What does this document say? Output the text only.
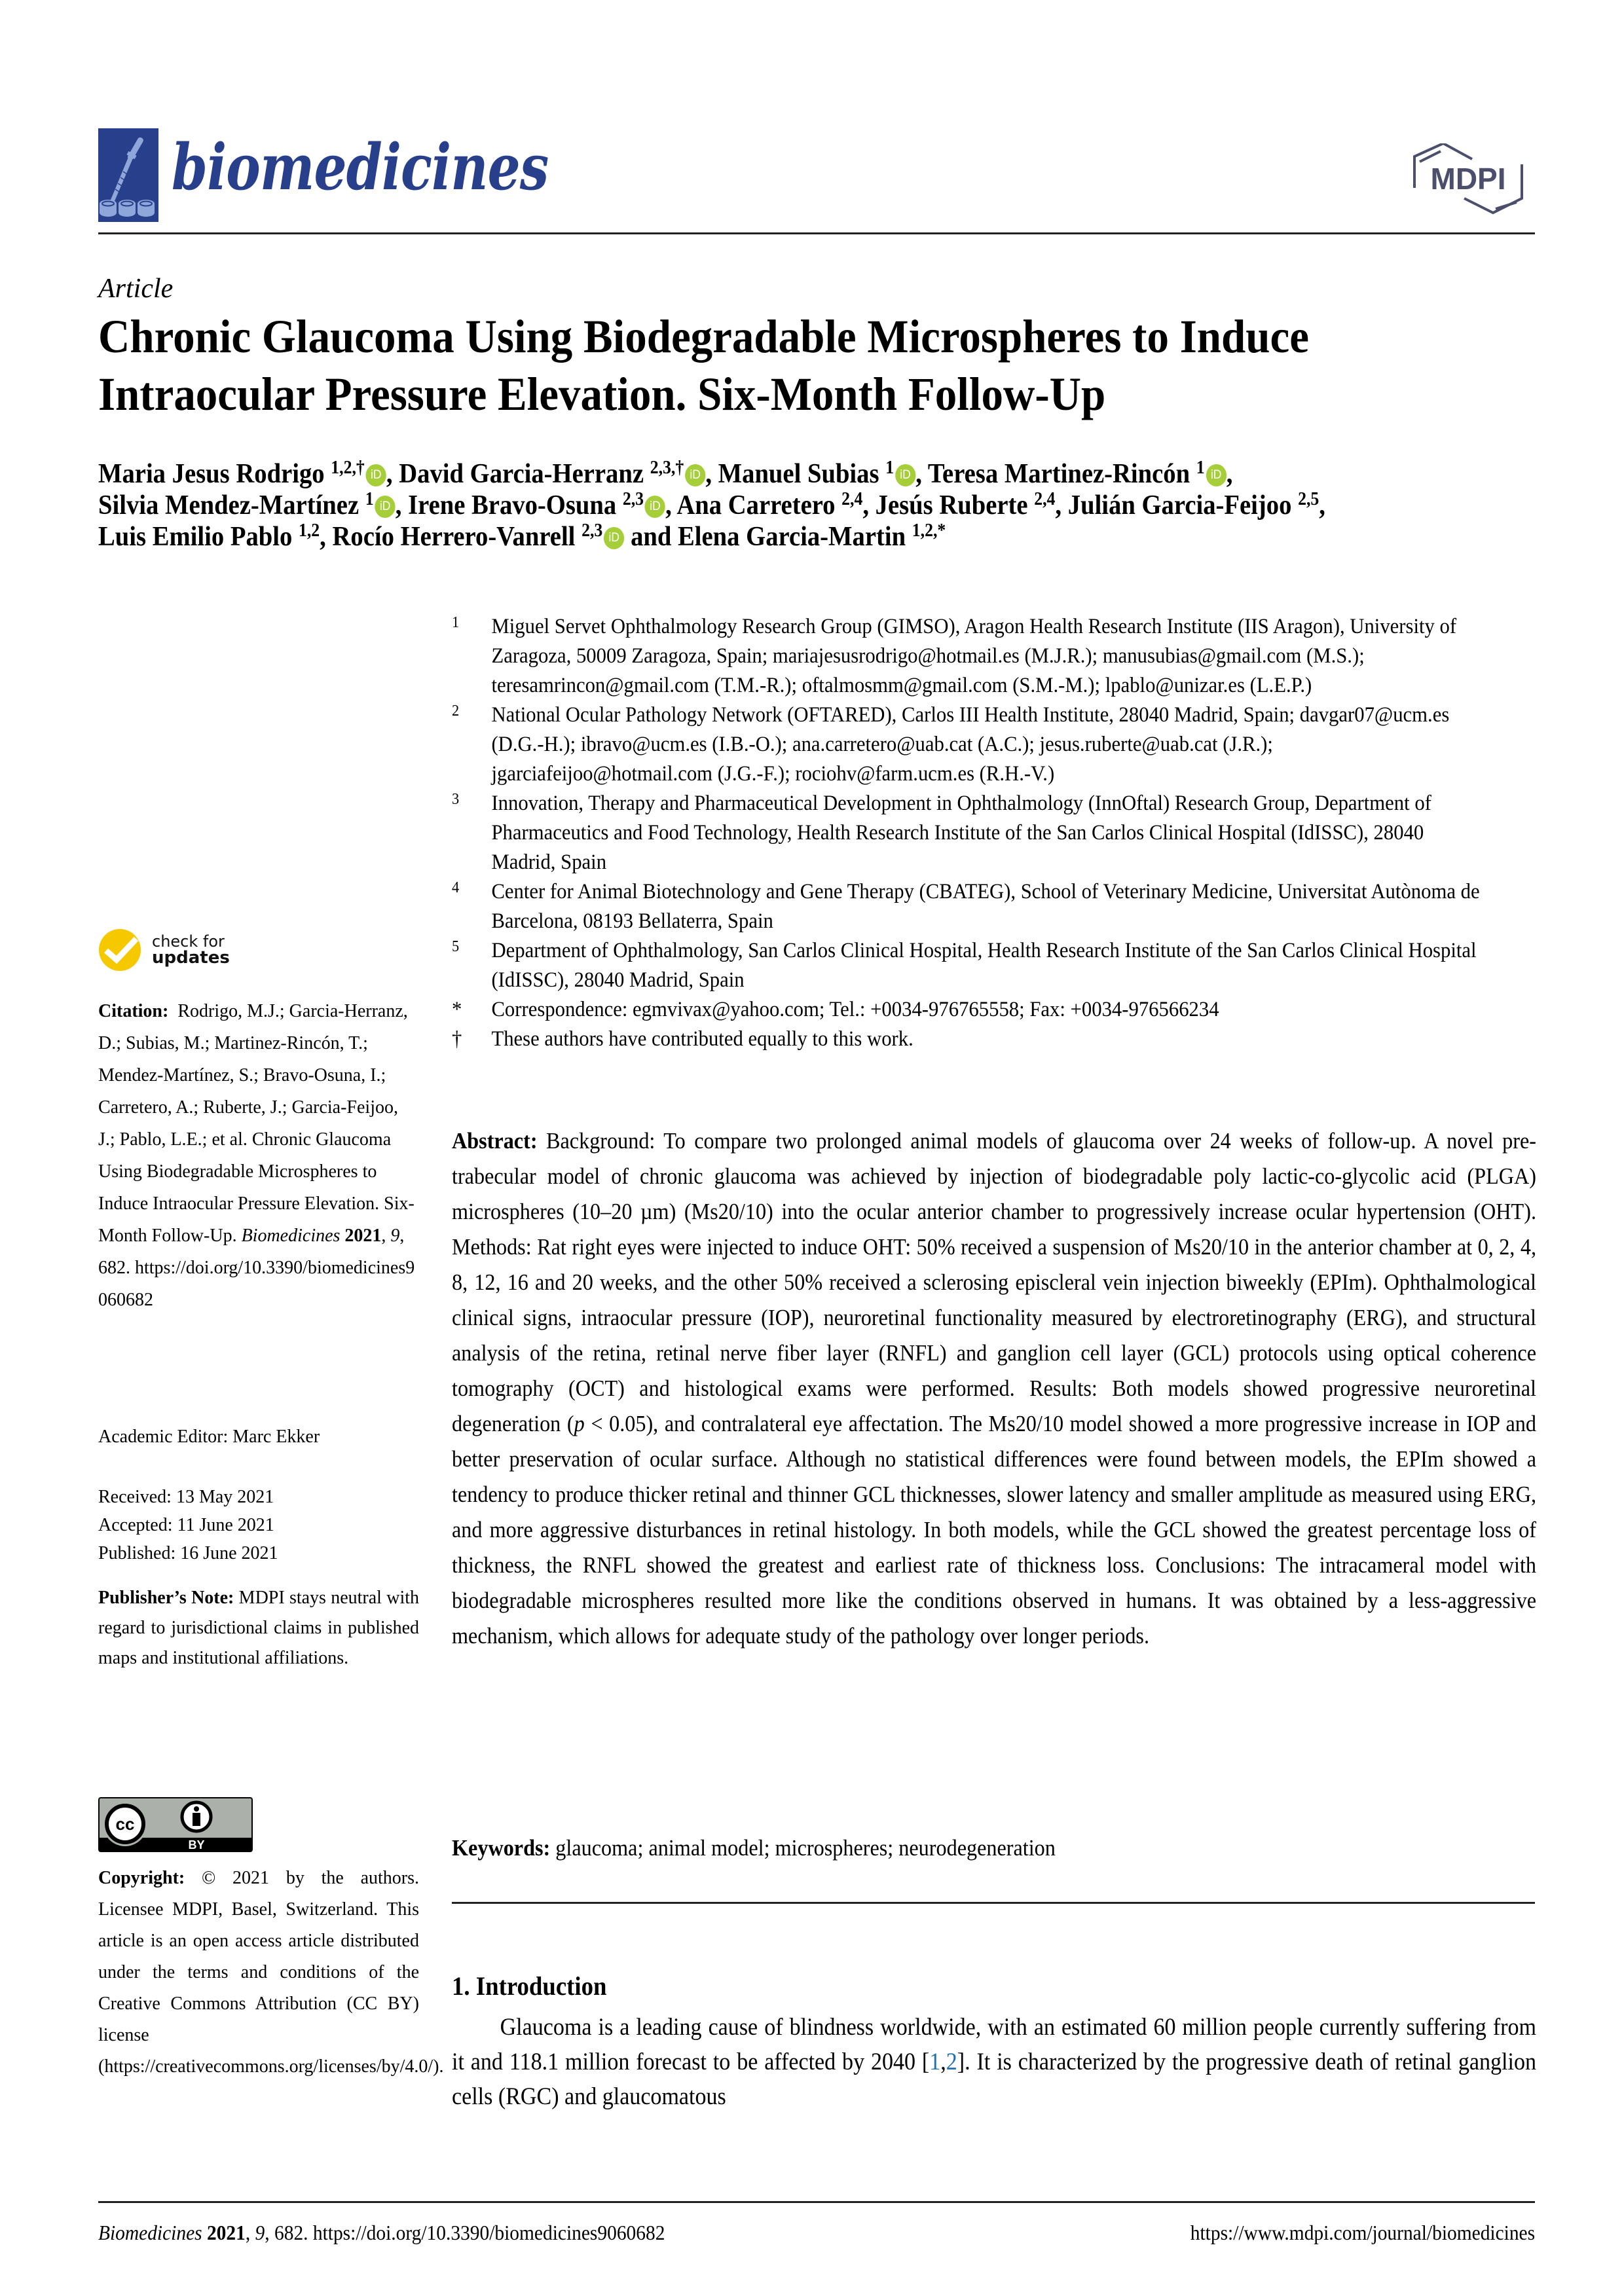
biomedicines	MDPI
Article
Chronic Glaucoma Using Biodegradable Microspheres to Induce Intraocular Pressure Elevation. Six-Month Follow-Up
Maria Jesus Rodrigo $^{1,2,\dagger}$ iD , David Garcia-Herranz $^{2,3,\dagger}$ iD , Manuel Subias $^1$ iD , Teresa Martinez-Rincón $^1$ iD ,
Silvia Mendez-Martínez $^1$ iD , Irene Bravo-Osuna $^{2,3}$ iD , Ana Carretero $^{2,4}$, Jesús Ruberte $^{2,4}$, Julián Garcia-Feijoo $^{2,5}$,
Luis Emilio Pablo $^{1,2}$, Rocío Herrero-Vanrell $^{2,3}$ iD and Elena Garcia-Martin $^{1,2,*}$
1 Miguel Servet Ophthalmology Research Group (GIMSO), Aragon Health Research Institute (IIS Aragon), University of Zaragoza, 50009 Zaragoza, Spain; mariajesusrodrigo@hotmail.es (M.J.R.); manusubias@gmail.com (M.S.); teresamrincon@gmail.com (T.M.-R.); oftalmosmm@gmail.com (S.M.-M.); lpablo@unizar.es (L.E.P.)
2 National Ocular Pathology Network (OFTARED), Carlos III Health Institute, 28040 Madrid, Spain; davgar07@ucm.es (D.G.-H.); ibravo@ucm.es (I.B.-O.); ana.carretero@uab.cat (A.C.); jesus.ruberte@uab.cat (J.R.); jgarciafeijoo@hotmail.com (J.G.-F.); rociohv@farm.ucm.es (R.H.-V.)
3 Innovation, Therapy and Pharmaceutical Development in Ophthalmology (InnOftal) Research Group, Department of Pharmaceutics and Food Technology, Health Research Institute of the San Carlos Clinical Hospital (IdISSC), 28040 Madrid, Spain
4 Center for Animal Biotechnology and Gene Therapy (CBATEG), School of Veterinary Medicine, Universitat Autònoma de Barcelona, 08193 Bellaterra, Spain
5 Department of Ophthalmology, San Carlos Clinical Hospital, Health Research Institute of the San Carlos Clinical Hospital (IdISSC), 28040 Madrid, Spain
* Correspondence: egmvivax@yahoo.com; Tel.: +0034-976765558; Fax: +0034-976566234
† These authors have contributed equally to this work.
check for
updates
Citation: Rodrigo, M.J.; Garcia-Herranz, D.; Subias, M.; Martinez-Rincón, T.; Mendez-Martínez, S.; Bravo-Osuna, I.; Carretero, A.; Ruberte, J.; Garcia-Feijoo, J.; Pablo, L.E.; et al. Chronic Glaucoma Using Biodegradable Microspheres to Induce Intraocular Pressure Elevation. Six-Month Follow-Up. Biomedicines 2021, 9, 682. https://doi.org/10.3390/biomedicines9060682
Academic Editor: Marc Ekker
Received: 13 May 2021
Accepted: 11 June 2021
Published: 16 June 2021
Publisher’s Note: MDPI stays neutral with regard to jurisdictional claims in published maps and institutional affiliations.
cc
BY
Copyright: © 2021 by the authors. Licensee MDPI, Basel, Switzerland. This article is an open access article distributed under the terms and conditions of the Creative Commons Attribution (CC BY) license (https://creativecommons.org/licenses/by/4.0/).
Abstract: Background: To compare two prolonged animal models of glaucoma over 24 weeks of follow-up. A novel pre-trabecular model of chronic glaucoma was achieved by injection of biodegradable poly lactic-co-glycolic acid (PLGA) microspheres (10–20 µm) (Ms20/10) into the ocular anterior chamber to progressively increase ocular hypertension (OHT). Methods: Rat right eyes were injected to induce OHT: 50% received a suspension of Ms20/10 in the anterior chamber at 0, 2, 4, 8, 12, 16 and 20 weeks, and the other 50% received a sclerosing episcleral vein injection biweekly (EPIm). Ophthalmological clinical signs, intraocular pressure (IOP), neuroretinal functionality measured by electroretinography (ERG), and structural analysis of the retina, retinal nerve fiber layer (RNFL) and ganglion cell layer (GCL) protocols using optical coherence tomography (OCT) and histological exams were performed. Results: Both models showed progressive neuroretinal degeneration (p < 0.05), and contralateral eye affectation. The Ms20/10 model showed a more progressive increase in IOP and better preservation of ocular surface. Although no statistical differences were found between models, the EPIm showed a tendency to produce thicker retinal and thinner GCL thicknesses, slower latency and smaller amplitude as measured using ERG, and more aggressive disturbances in retinal histology. In both models, while the GCL showed the greatest percentage loss of thickness, the RNFL showed the greatest and earliest rate of thickness loss. Conclusions: The intracameral model with biodegradable microspheres resulted more like the conditions observed in humans. It was obtained by a less-aggressive mechanism, which allows for adequate study of the pathology over longer periods.
Keywords: glaucoma; animal model; microspheres; neurodegeneration
1. Introduction
Glaucoma is a leading cause of blindness worldwide, with an estimated 60 million people currently suffering from it and 118.1 million forecast to be affected by 2040 [1,2]. It is characterized by the progressive death of retinal ganglion cells (RGC) and glaucomatous
Biomedicines 2021, 9, 682. https://doi.org/10.3390/biomedicines9060682	https://www.mdpi.com/journal/biomedicines
